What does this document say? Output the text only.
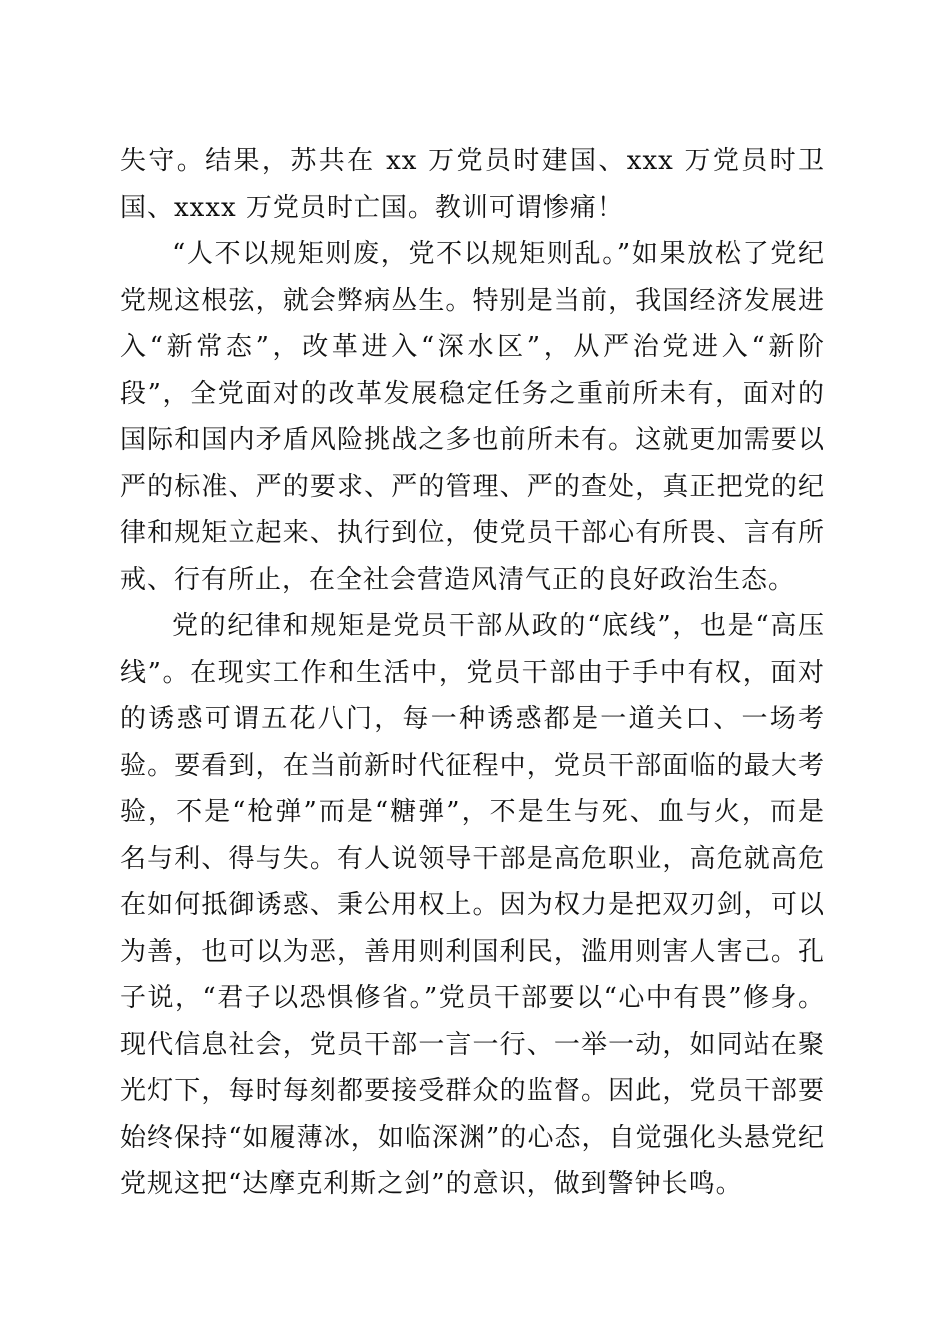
失守。结果，苏共在 xx 万党员时建国、xxx 万党员时卫国、xxxx 万党员时亡国。教训可谓惨痛！

“人不以规矩则废，党不以规矩则乱。”如果放松了党纪党规这根弦，就会弊病丛生。特别是当前，我国经济发展进入“新常态”，改革进入“深水区”，从严治党进入“新阶段”，全党面对的改革发展稳定任务之重前所未有，面对的国际和国内矛盾风险挑战之多也前所未有。这就更加需要以严的标准、严的要求、严的管理、严的查处，真正把党的纪律和规矩立起来、执行到位，使党员干部心有所畏、言有所戒、行有所止，在全社会营造风清气正的良好政治生态。

党的纪律和规矩是党员干部从政的“底线”，也是“高压线”。在现实工作和生活中，党员干部由于手中有权，面对的诱惑可谓五花八门，每一种诱惑都是一道关口、一场考验。要看到，在当前新时代征程中，党员干部面临的最大考验，不是“枪弹”而是“糖弹”，不是生与死、血与火，而是名与利、得与失。有人说领导干部是高危职业，高危就高危在如何抵御诱惑、秉公用权上。因为权力是把双刃剑，可以为善，也可以为恶，善用则利国利民，滥用则害人害己。孔子说，“君子以恐惧修省。”党员干部要以“心中有畏”修身。现代信息社会，党员干部一言一行、一举一动，如同站在聚光灯下，每时每刻都要接受群众的监督。因此，党员干部要始终保持“如履薄冰，如临深渊”的心态，自觉强化头悬党纪党规这把“达摩克利斯之剑”的意识，做到警钟长鸣。
